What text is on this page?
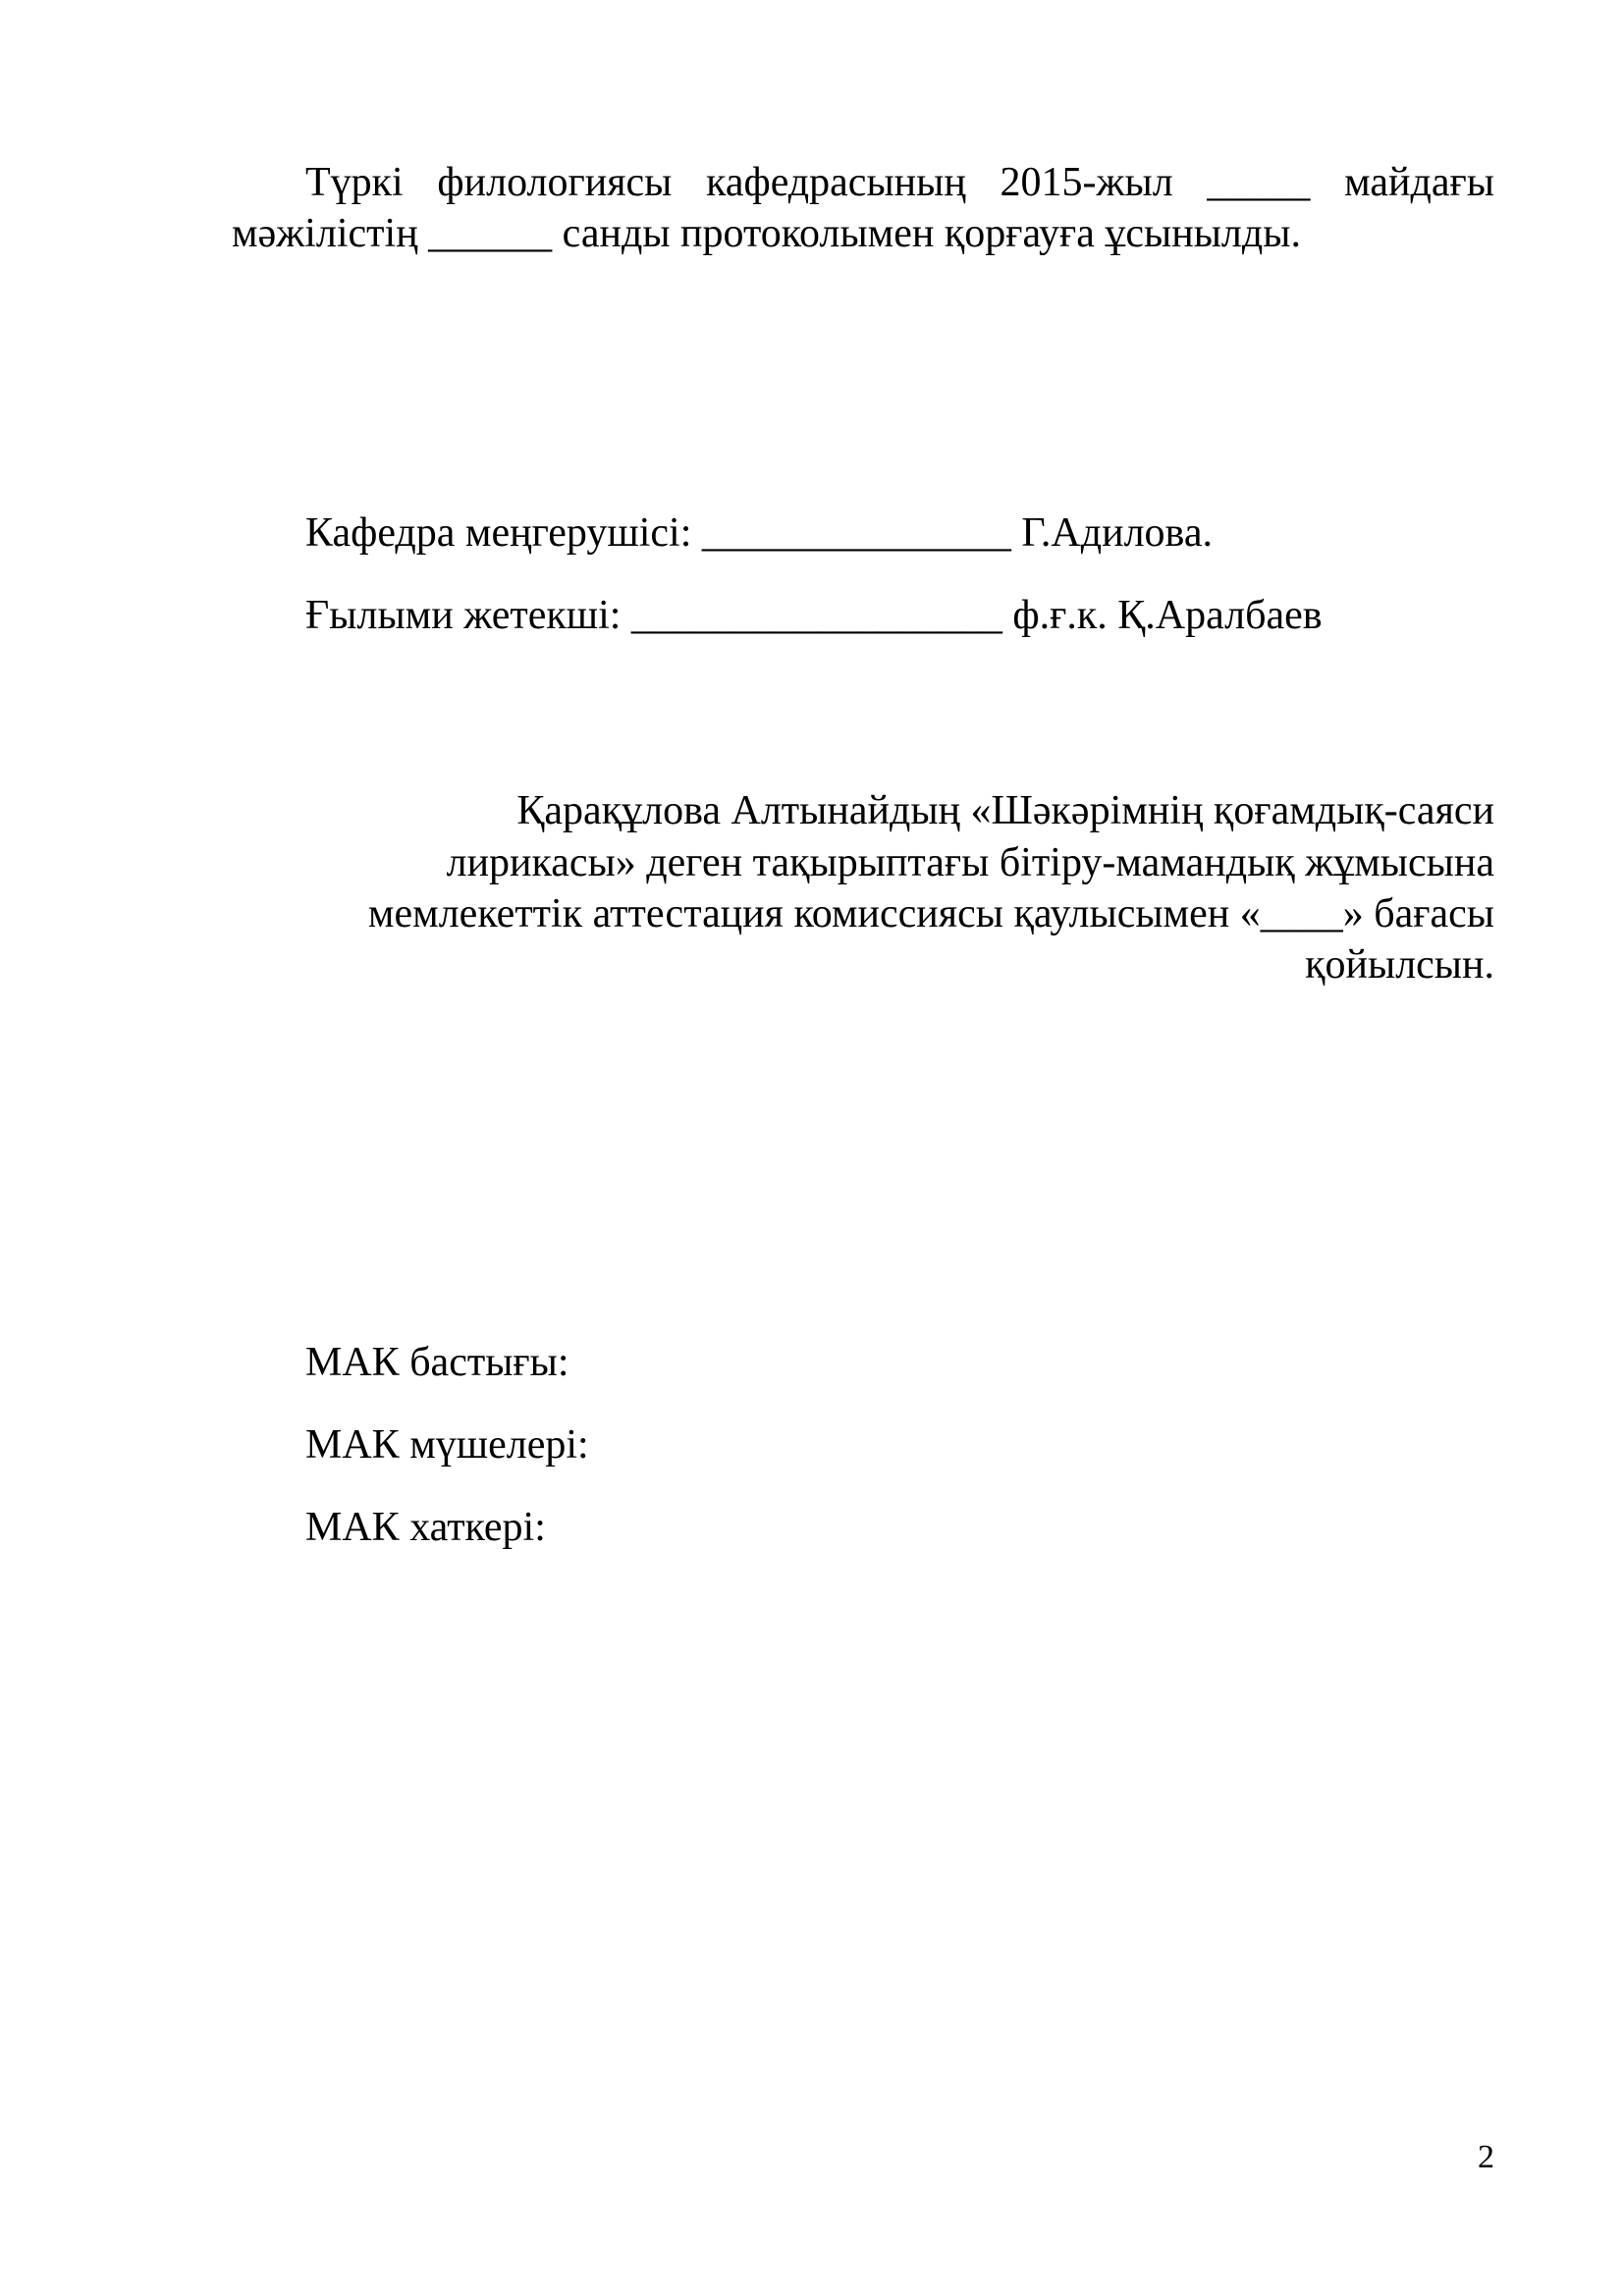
Түркі филологиясы кафедрасының 2015-жыл _____ майдағы
мәжілістің ______ санды протоколымен қорғауға ұсынылды.
Кафедра меңгерушісі: _______________ Г.Адилова.
Ғылыми жетекші: __________________ ф.ғ.к. Қ.Аралбаев
Қарақұлова Алтынайдың «Шәкәрімнің қоғамдық-саяси
лирикасы» деген тақырыптағы бітіру-мамандық жұмысына
мемлекеттік аттестация комиссиясы қаулысымен «____» бағасы
қойылсын.
МАК бастығы:
МАК мүшелері:
МАК хаткері:
2
